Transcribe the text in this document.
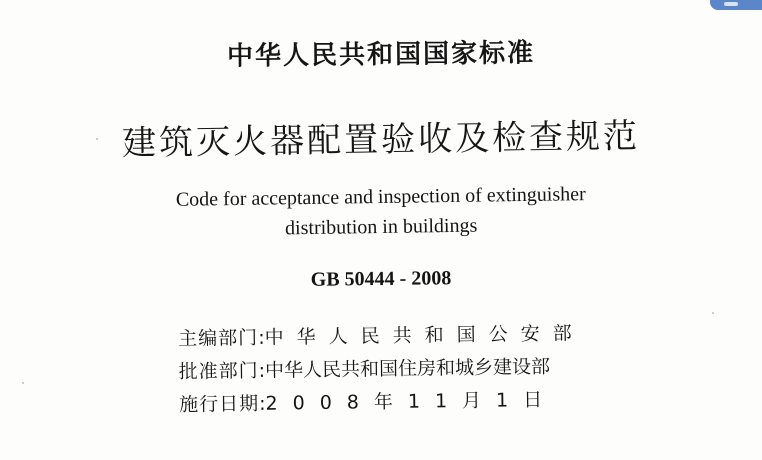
中华人民共和国国家标准
建筑灭火器配置验收及检查规范
Code for acceptance and inspection of extinguisher
distribution in buildings
GB 50444 - 2008
主编部门:中华人民共和国公安部
批准部门:中华人民共和国住房和城乡建设部
施行日期:2008年11月1日
